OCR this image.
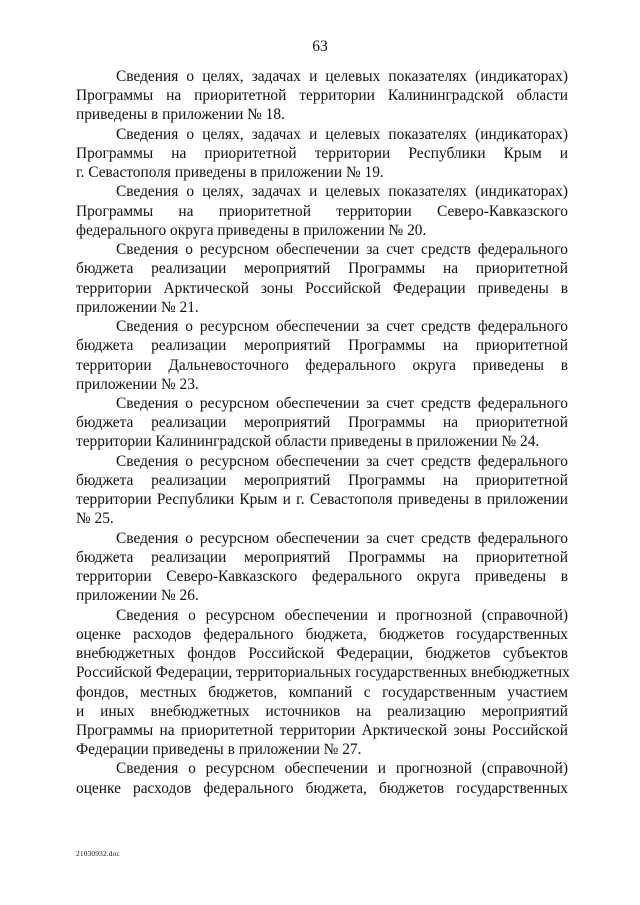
63
Сведения о целях, задачах и целевых показателях (индикаторах)
Программы на приоритетной территории Калининградской области
приведены в приложении № 18.
Сведения о целях, задачах и целевых показателях (индикаторах)
Программы на приоритетной территории Республики Крым и
г. Севастополя приведены в приложении № 19.
Сведения о целях, задачах и целевых показателях (индикаторах)
Программы на приоритетной территории Северо-Кавказского
федерального округа приведены в приложении № 20.
Сведения о ресурсном обеспечении за счет средств федерального
бюджета реализации мероприятий Программы на приоритетной
территории Арктической зоны Российской Федерации приведены в
приложении № 21.
Сведения о ресурсном обеспечении за счет средств федерального
бюджета реализации мероприятий Программы на приоритетной
территории Дальневосточного федерального округа приведены в
приложении № 23.
Сведения о ресурсном обеспечении за счет средств федерального
бюджета реализации мероприятий Программы на приоритетной
территории Калининградской области приведены в приложении № 24.
Сведения о ресурсном обеспечении за счет средств федерального
бюджета реализации мероприятий Программы на приоритетной
территории Республики Крым и г. Севастополя приведены в приложении
№ 25.
Сведения о ресурсном обеспечении за счет средств федерального
бюджета реализации мероприятий Программы на приоритетной
территории Северо-Кавказского федерального округа приведены в
приложении № 26.
Сведения о ресурсном обеспечении и прогнозной (справочной)
оценке расходов федерального бюджета, бюджетов государственных
внебюджетных фондов Российской Федерации, бюджетов субъектов
Российской Федерации, территориальных государственных внебюджетных
фондов, местных бюджетов, компаний с государственным участием
и иных внебюджетных источников на реализацию мероприятий
Программы на приоритетной территории Арктической зоны Российской
Федерации приведены в приложении № 27.
Сведения о ресурсном обеспечении и прогнозной (справочной)
оценке расходов федерального бюджета, бюджетов государственных
21030932.doc
